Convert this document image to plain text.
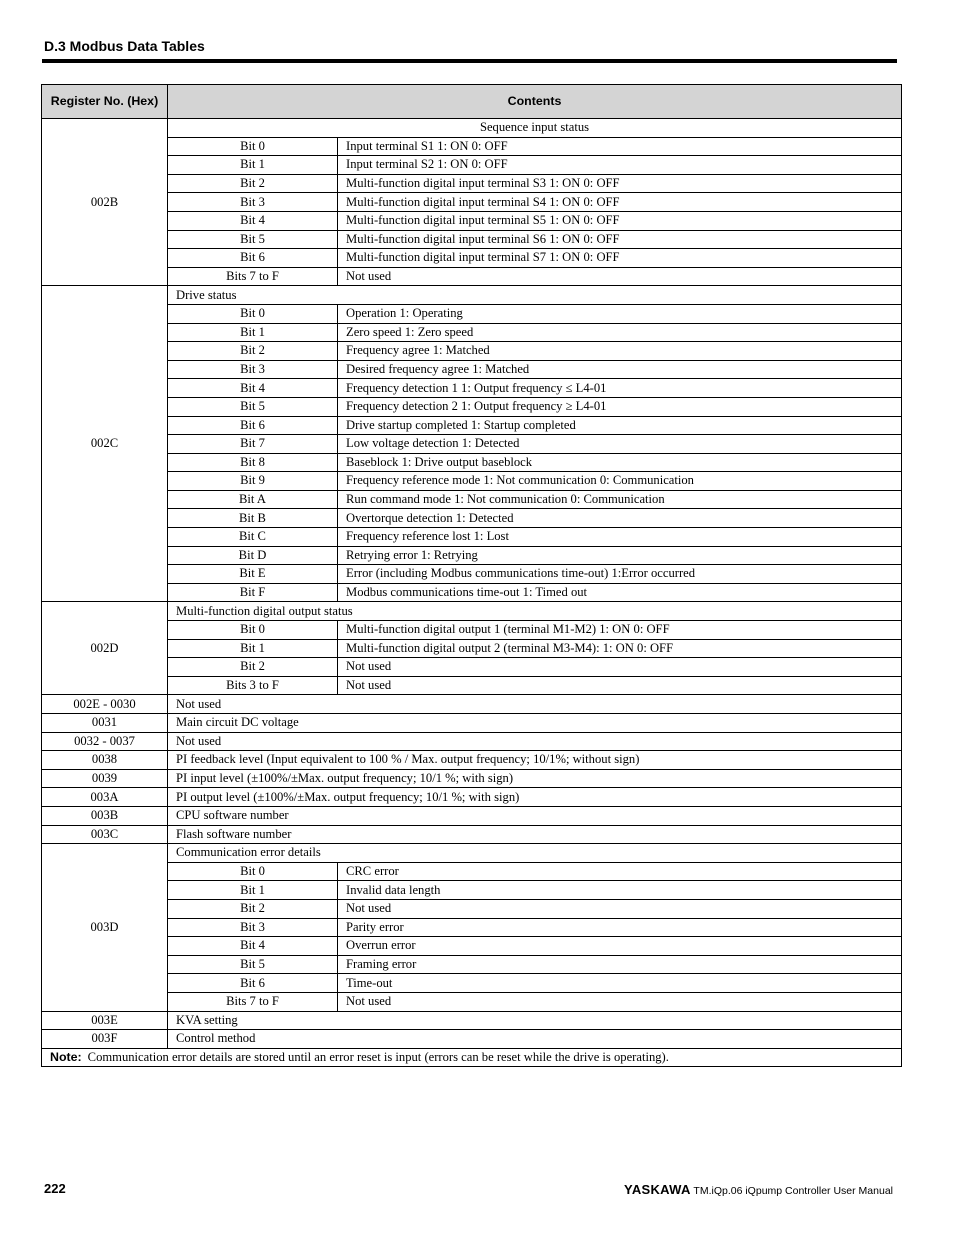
D.3 Modbus Data Tables
Register No. (Hex)	Contents	
002B	Sequence input status	
	Bit 0	Input terminal S1 1: ON 0: OFF
	Bit 1	Input terminal S2 1: ON 0: OFF
	Bit 2	Multi-function digital input terminal S3 1: ON 0: OFF
	Bit 3	Multi-function digital input terminal S4 1: ON 0: OFF
	Bit 4	Multi-function digital input terminal S5 1: ON 0: OFF
	Bit 5	Multi-function digital input terminal S6 1: ON 0: OFF
	Bit 6	Multi-function digital input terminal S7 1: ON 0: OFF
	Bits 7 to F	Not used
002C	Drive status	
	Bit 0	Operation 1: Operating
	Bit 1	Zero speed 1: Zero speed
	Bit 2	Frequency agree 1: Matched
	Bit 3	Desired frequency agree 1: Matched
	Bit 4	Frequency detection 1 1: Output frequency ≤ L4-01
	Bit 5	Frequency detection 2 1: Output frequency ≥ L4-01
	Bit 6	Drive startup completed 1: Startup completed
	Bit 7	Low voltage detection 1: Detected
	Bit 8	Baseblock 1: Drive output baseblock
	Bit 9	Frequency reference mode 1: Not communication 0: Communication
	Bit A	Run command mode 1: Not communication 0: Communication
	Bit B	Overtorque detection 1: Detected
	Bit C	Frequency reference lost 1: Lost
	Bit D	Retrying error 1: Retrying
	Bit E	Error (including Modbus communications time-out) 1:Error occurred
	Bit F	Modbus communications time-out 1: Timed out
002D	Multi-function digital output status	
	Bit 0	Multi-function digital output 1 (terminal M1-M2) 1: ON 0: OFF
	Bit 1	Multi-function digital output 2 (terminal M3-M4): 1: ON 0: OFF
	Bit 2	Not used
	Bits 3 to F	Not used
002E - 0030	Not used	
0031	Main circuit DC voltage	
0032 - 0037	Not used	
0038	PI feedback level (Input equivalent to 100 % / Max. output frequency; 10/1%; without sign)	
0039	PI input level (±100%/±Max. output frequency; 10/1 %; with sign)	
003A	PI output level (±100%/±Max. output frequency; 10/1 %; with sign)	
003B	CPU software number	
003C	Flash software number	
003D	Communication error details	
	Bit 0	CRC error
	Bit 1	Invalid data length
	Bit 2	Not used
	Bit 3	Parity error
	Bit 4	Overrun error
	Bit 5	Framing error
	Bit 6	Time-out
	Bits 7 to F	Not used
003E	KVA setting	
003F	Control method	
Note: Communication error details are stored until an error reset is input (errors can be reset while the drive is operating).		
222	YASKAWA TM.iQp.06 iQpump Controller User Manual
